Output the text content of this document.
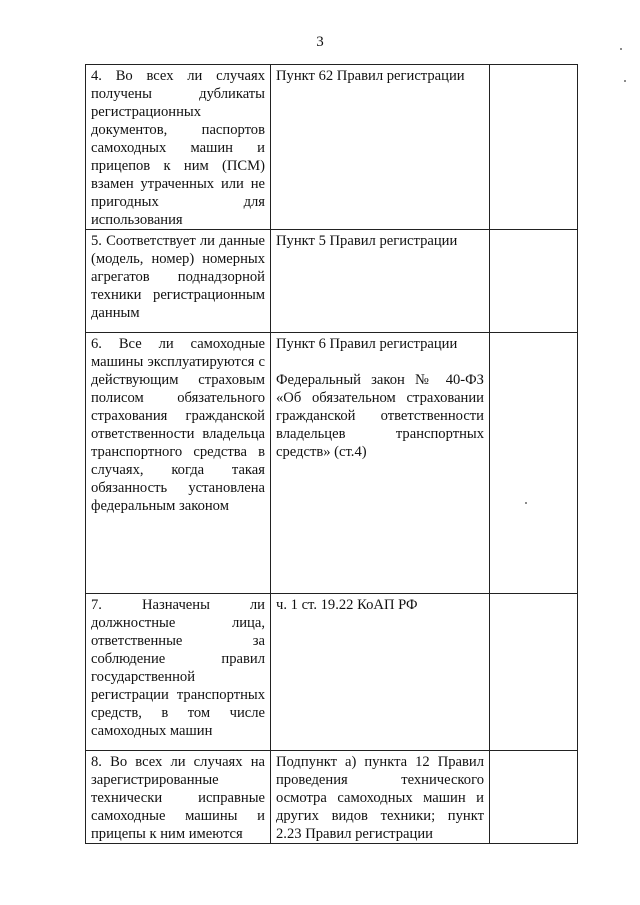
3
4. Во всех ли случаях получены дубликаты регистрационных документов, паспортов самоходных машин и прицепов к ним (ПСМ) взамен утраченных или не пригодных для использования	Пункт 62 Правил регистрации	

5. Соответствует ли данные (модель, номер) номерных агрегатов поднадзорной техники регистрационным данным	Пункт 5 Правил регистрации	

6. Все ли самоходные машины эксплуатируются с действующим страховым полисом обязательного страхования гражданской ответственности владельца транспортного средства в случаях, когда такая обязанность установлена федеральным законом	Пункт 6 Правил регистрации
Федеральный закон № 40-ФЗ «Об обязательном страховании гражданской ответственности владельцев транспортных средств» (ст.4)	

7. Назначены ли должностные лица, ответственные за соблюдение правил государственной регистрации транспортных средств, в том числе самоходных машин	ч. 1 ст. 19.22 КоАП РФ	

8. Во всех ли случаях на зарегистрированные технически исправные самоходные машины и прицепы к ним имеются	Подпункт а) пункта 12 Правил проведения технического осмотра самоходных машин и других видов техники; пункт 2.23 Правил регистрации	
